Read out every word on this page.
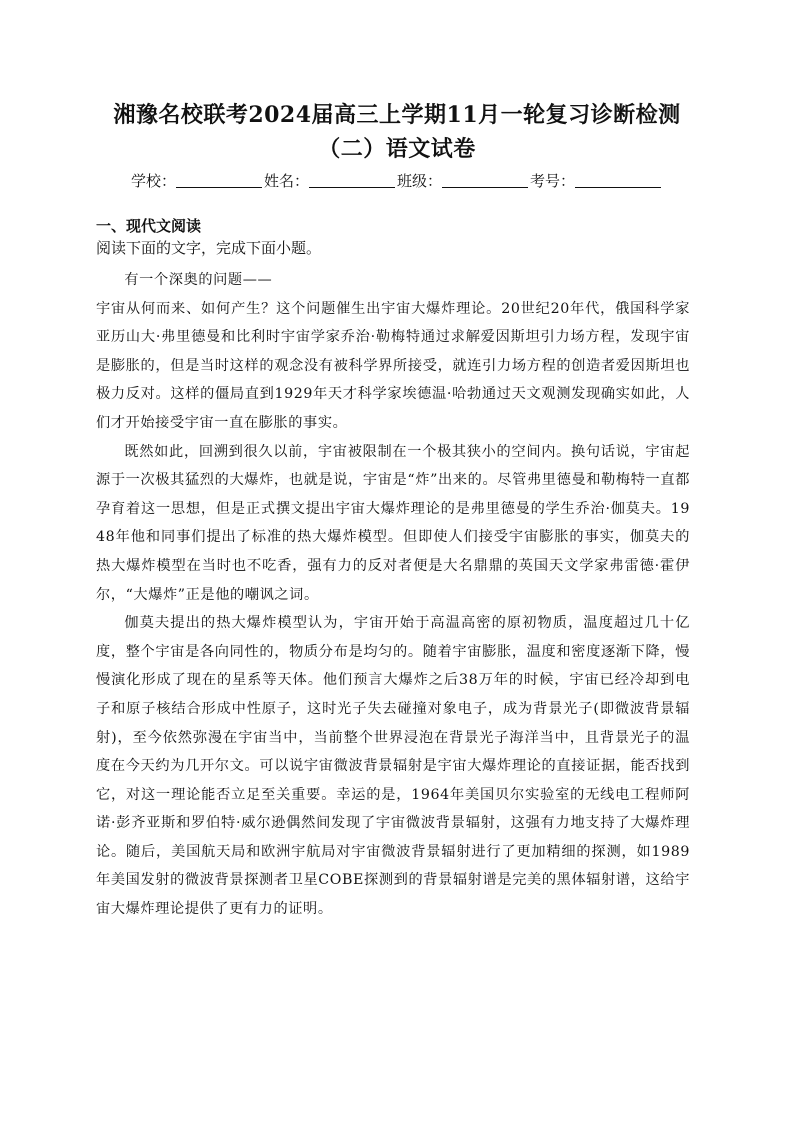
湘豫名校联考2024届高三上学期11月一轮复习诊断检测（二）语文试卷
学校：	姓名：	班级：	考号：
一、现代文阅读

阅读下面的文字，完成下面小题。

有一个深奥的问题——

宇宙从何而来、如何产生？这个问题催生出宇宙大爆炸理论。20世纪20年代，俄国科学家亚历山大·弗里德曼和比利时宇宙学家乔治·勒梅特通过求解爱因斯坦引力场方程，发现宇宙是膨胀的，但是当时这样的观念没有被科学界所接受，就连引力场方程的创造者爱因斯坦也极力反对。这样的僵局直到1929年天才科学家埃德温·哈勃通过天文观测发现确实如此，人们才开始接受宇宙一直在膨胀的事实。

既然如此，回溯到很久以前，宇宙被限制在一个极其狭小的空间内。换句话说，宇宙起源于一次极其猛烈的大爆炸，也就是说，宇宙是“炸”出来的。尽管弗里德曼和勒梅特一直都孕育着这一思想，但是正式撰文提出宇宙大爆炸理论的是弗里德曼的学生乔治·伽莫夫。1948年他和同事们提出了标准的热大爆炸模型。但即使人们接受宇宙膨胀的事实，伽莫夫的热大爆炸模型在当时也不吃香，强有力的反对者便是大名鼎鼎的英国天文学家弗雷德·霍伊尔，“大爆炸”正是他的嘲讽之词。

伽莫夫提出的热大爆炸模型认为，宇宙开始于高温高密的原初物质，温度超过几十亿度，整个宇宙是各向同性的，物质分布是均匀的。随着宇宙膨胀，温度和密度逐渐下降，慢慢演化形成了现在的星系等天体。他们预言大爆炸之后38万年的时候，宇宙已经冷却到电子和原子核结合形成中性原子，这时光子失去碰撞对象电子，成为背景光子(即微波背景辐射)，至今依然弥漫在宇宙当中，当前整个世界浸泡在背景光子海洋当中，且背景光子的温度在今天约为几开尔文。可以说宇宙微波背景辐射是宇宙大爆炸理论的直接证据，能否找到它，对这一理论能否立足至关重要。幸运的是，1964年美国贝尔实验室的无线电工程师阿诺·彭齐亚斯和罗伯特·威尔逊偶然间发现了宇宙微波背景辐射，这强有力地支持了大爆炸理论。随后，美国航天局和欧洲宇航局对宇宙微波背景辐射进行了更加精细的探测，如1989年美国发射的微波背景探测者卫星COBE探测到的背景辐射谱是完美的黑体辐射谱，这给宇宙大爆炸理论提供了更有力的证明。
